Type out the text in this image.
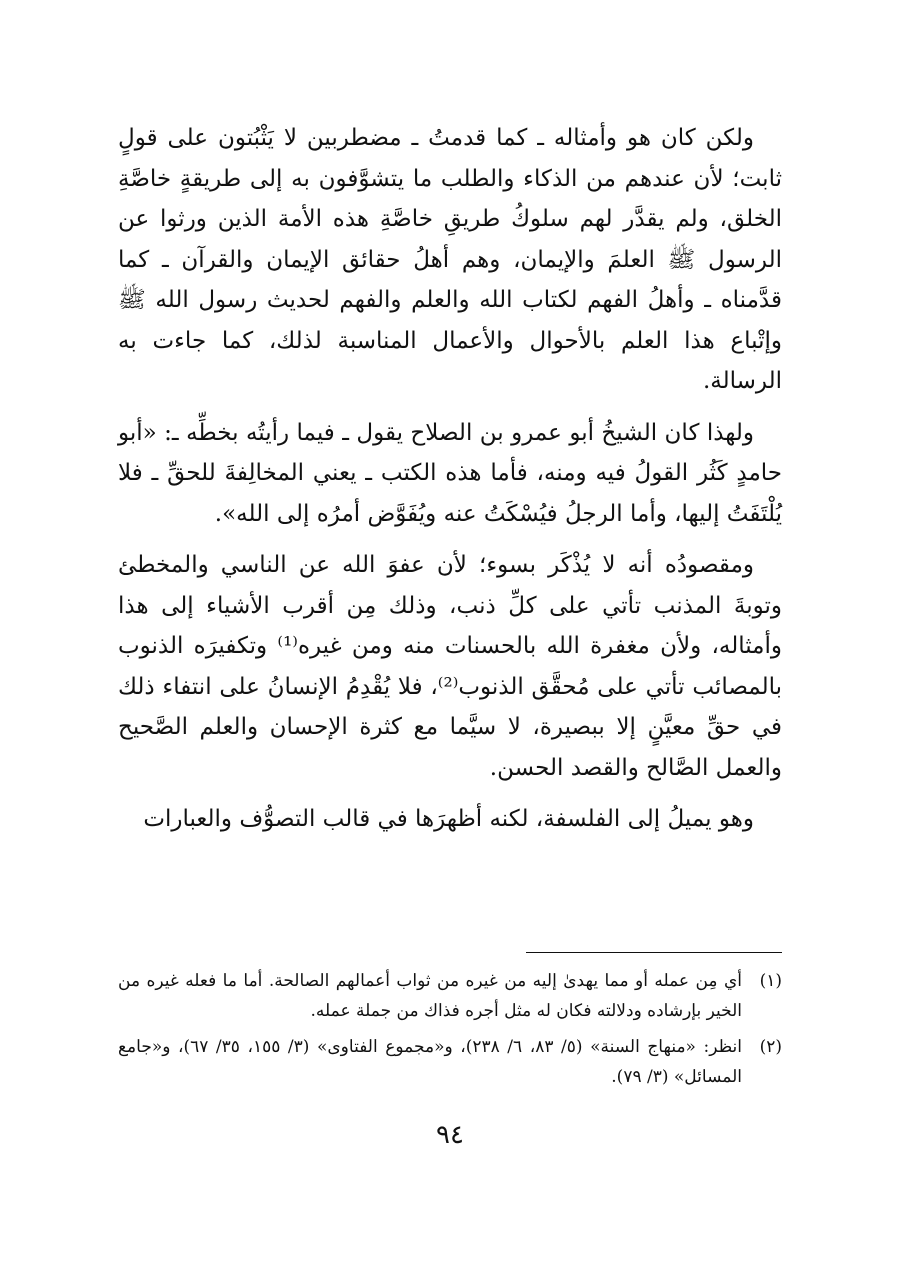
ولكن كان هو وأمثاله ـ كما قدمتُ ـ مضطربين لا يَثْبُتون على قولٍ ثابت؛ لأن عندهم من الذكاء والطلب ما يتشوَّفون به إلى طريقةٍ خاصَّةِ الخلق، ولم يقدَّر لهم سلوكُ طريقِ خاصَّةِ هذه الأمة الذين ورثوا عن الرسول ﷺ العلمَ والإيمان، وهم أهلُ حقائق الإيمان والقرآن ـ كما قدَّمناه ـ وأهلُ الفهم لكتاب الله والعلم والفهم لحديث رسول الله ﷺ وإتْباع هذا العلم بالأحوال والأعمال المناسبة لذلك، كما جاءت به الرسالة.

ولهذا كان الشيخُ أبو عمرو بن الصلاح يقول ـ فيما رأيتُه بخطِّه ـ: «أبو حامدٍ كَثُر القولُ فيه ومنه، فأما هذه الكتب ـ يعني المخالِفةَ للحقِّ ـ فلا يُلْتَفَتُ إليها، وأما الرجلُ فيُسْكَتُ عنه ويُفَوَّض أمرُه إلى الله».

ومقصودُه أنه لا يُذْكَر بسوء؛ لأن عفوَ الله عن الناسي والمخطئ وتوبةَ المذنب تأتي على كلِّ ذنب، وذلك مِن أقرب الأشياء إلى هذا وأمثاله، ولأن مغفرة الله بالحسنات منه ومن غيره⁽¹⁾ وتكفيرَه الذنوب بالمصائب تأتي على مُحقَّق الذنوب⁽²⁾، فلا يُقْدِمُ الإنسانُ على انتفاء ذلك في حقِّ معيَّنٍ إلا ببصيرة، لا سيَّما مع كثرة الإحسان والعلم الصَّحيح والعمل الصَّالح والقصد الحسن.

وهو يميلُ إلى الفلسفة، لكنه أظهرَها في قالب التصوُّف والعبارات

(١)
أي مِن عمله أو مما يهدىٰ إليه من غيره من ثواب أعمالهم الصالحة. أما ما فعله غيره من الخير بإرشاده ودلالته فكان له مثل أجره فذاك من جملة عمله.
(٢)
انظر: «منهاج السنة» (٥/ ٨٣، ٦/ ٢٣٨)، و«مجموع الفتاوى» (٣/ ١٥٥، ٣٥/ ٦٧)، و«جامع المسائل» (٣/ ٧٩).
٩٤
